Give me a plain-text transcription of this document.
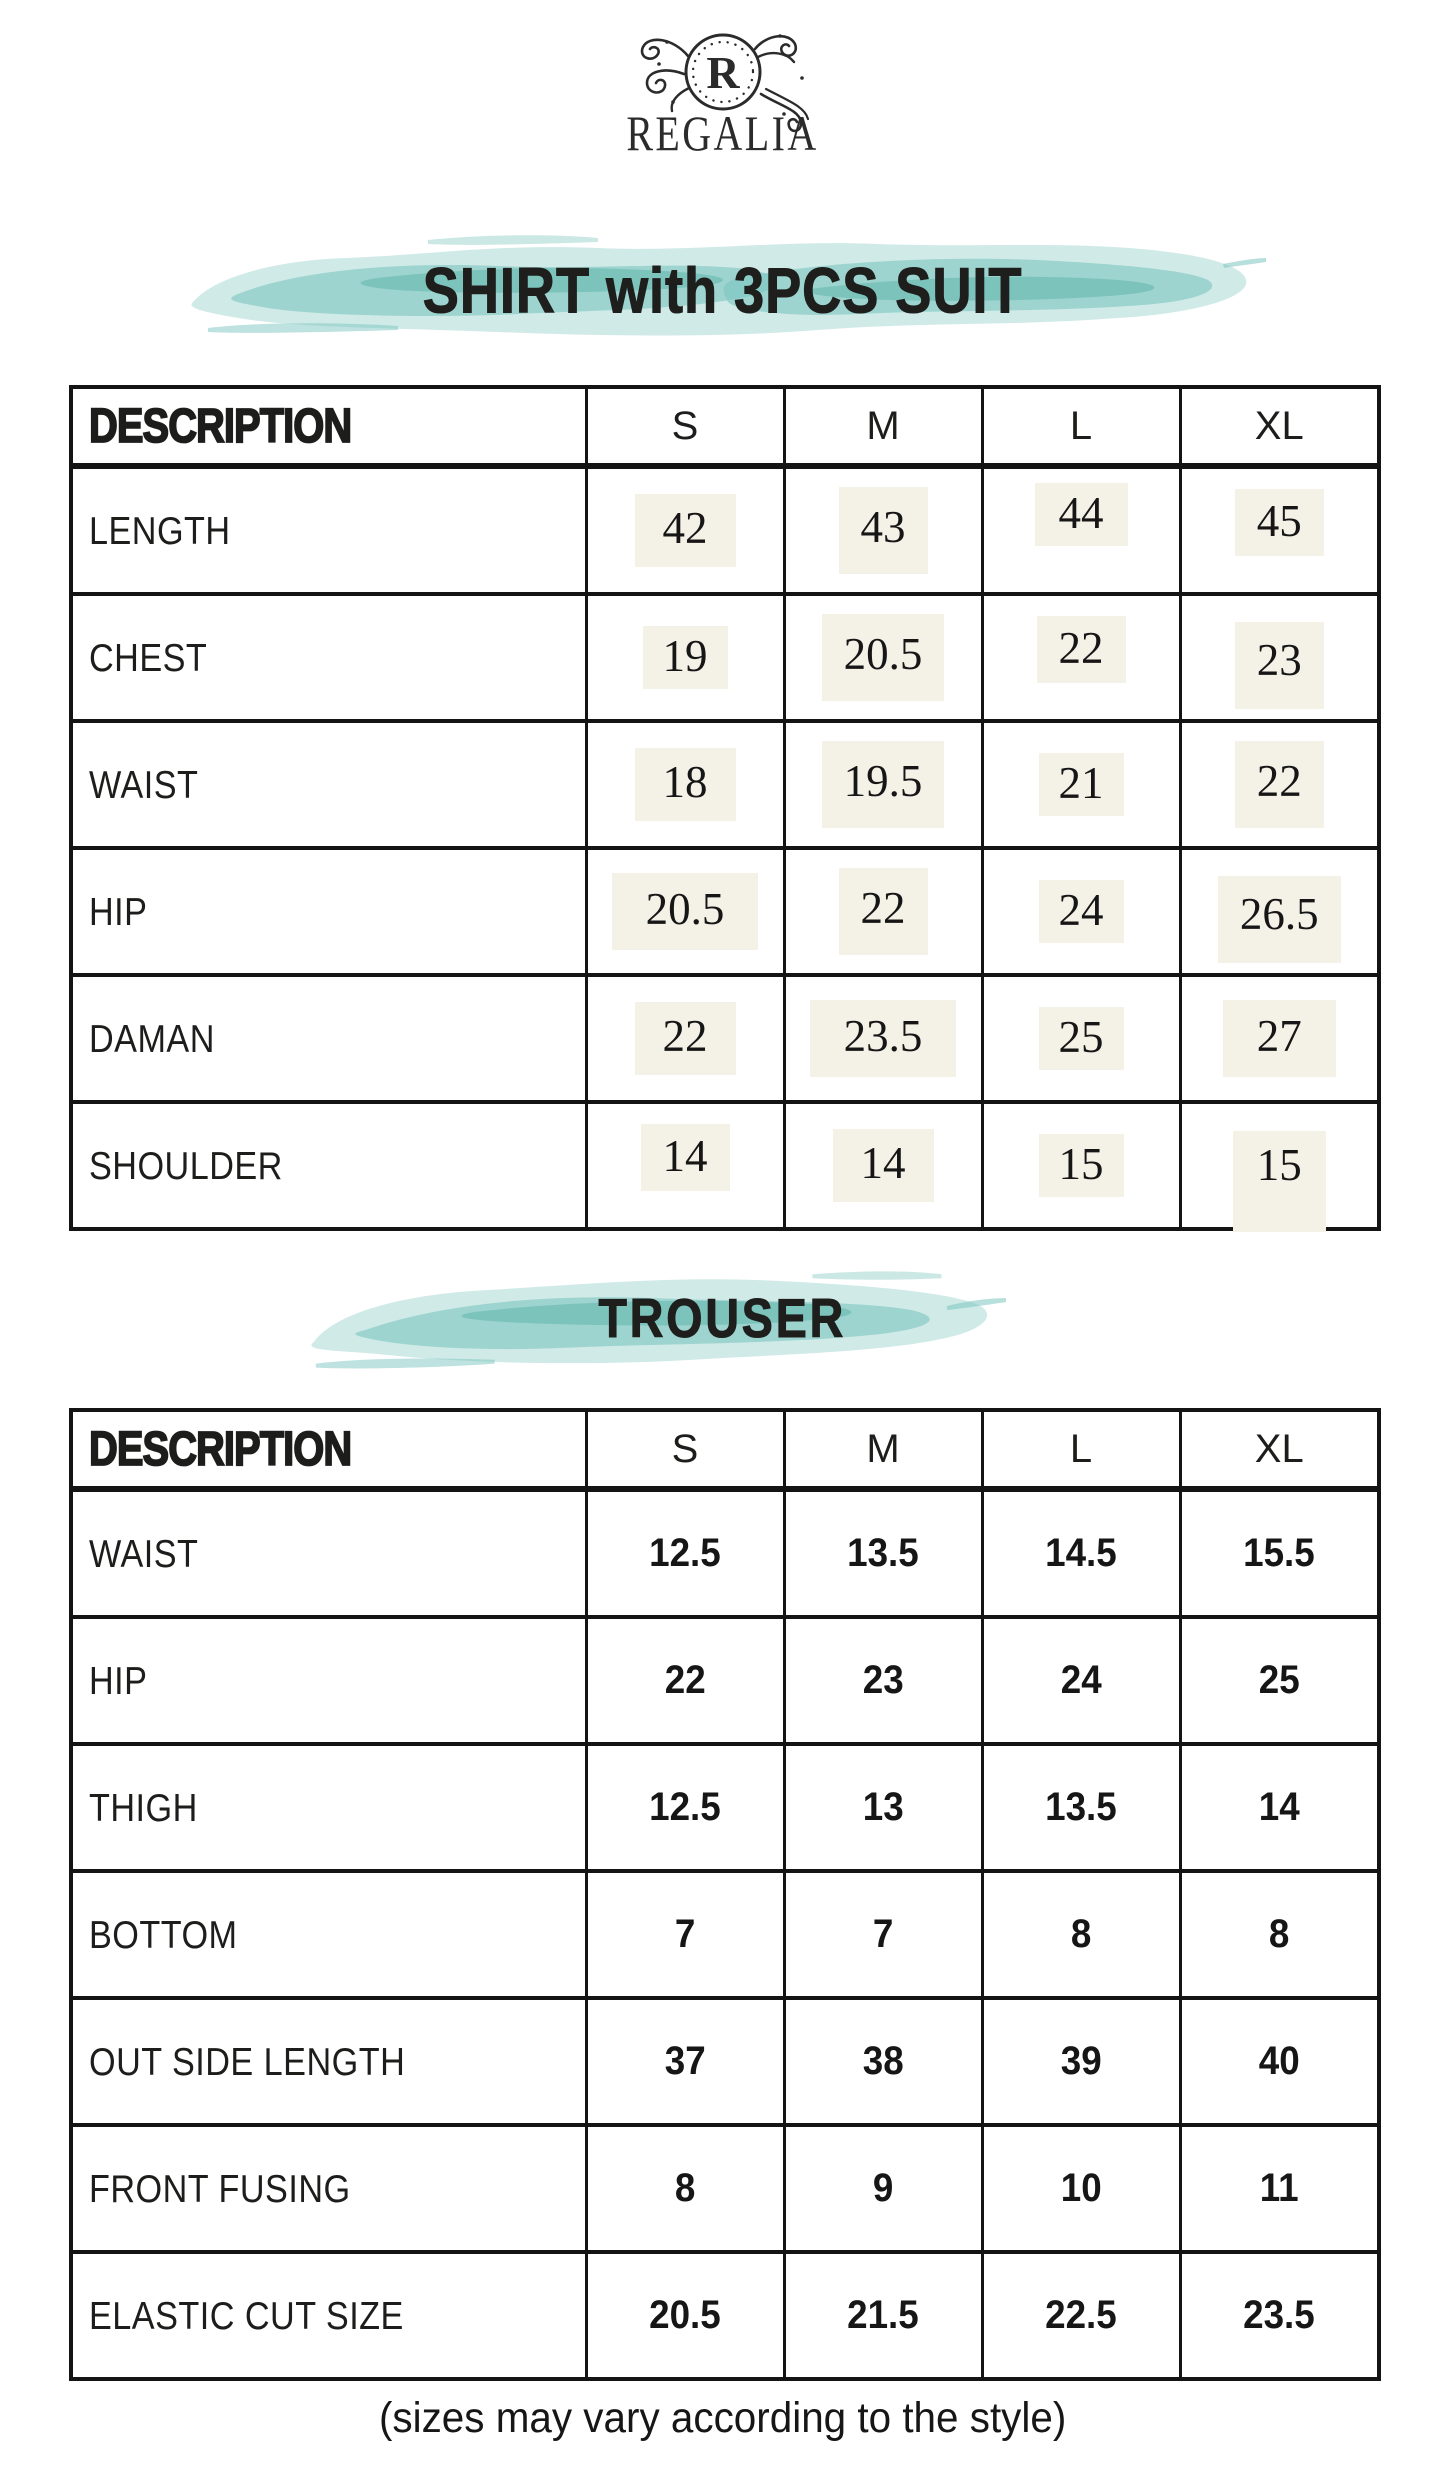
R
REGALIA
SHIRT with 3PCS SUIT
DESCRIPTION	S	M	L	XL
LENGTH	42	43	44	45
CHEST	19	20.5	22	23
WAIST	18	19.5	21	22
HIP	20.5	22	24	26.5
DAMAN	22	23.5	25	27
SHOULDER	14	14	15	15
TROUSER
DESCRIPTION	S	M	L	XL
WAIST	12.5	13.5	14.5	15.5
HIP	22	23	24	25
THIGH	12.5	13	13.5	14
BOTTOM	7	7	8	8
OUT SIDE LENGTH	37	38	39	40
FRONT FUSING	8	9	10	11
ELASTIC CUT SIZE	20.5	21.5	22.5	23.5
(sizes may vary according to the style)
